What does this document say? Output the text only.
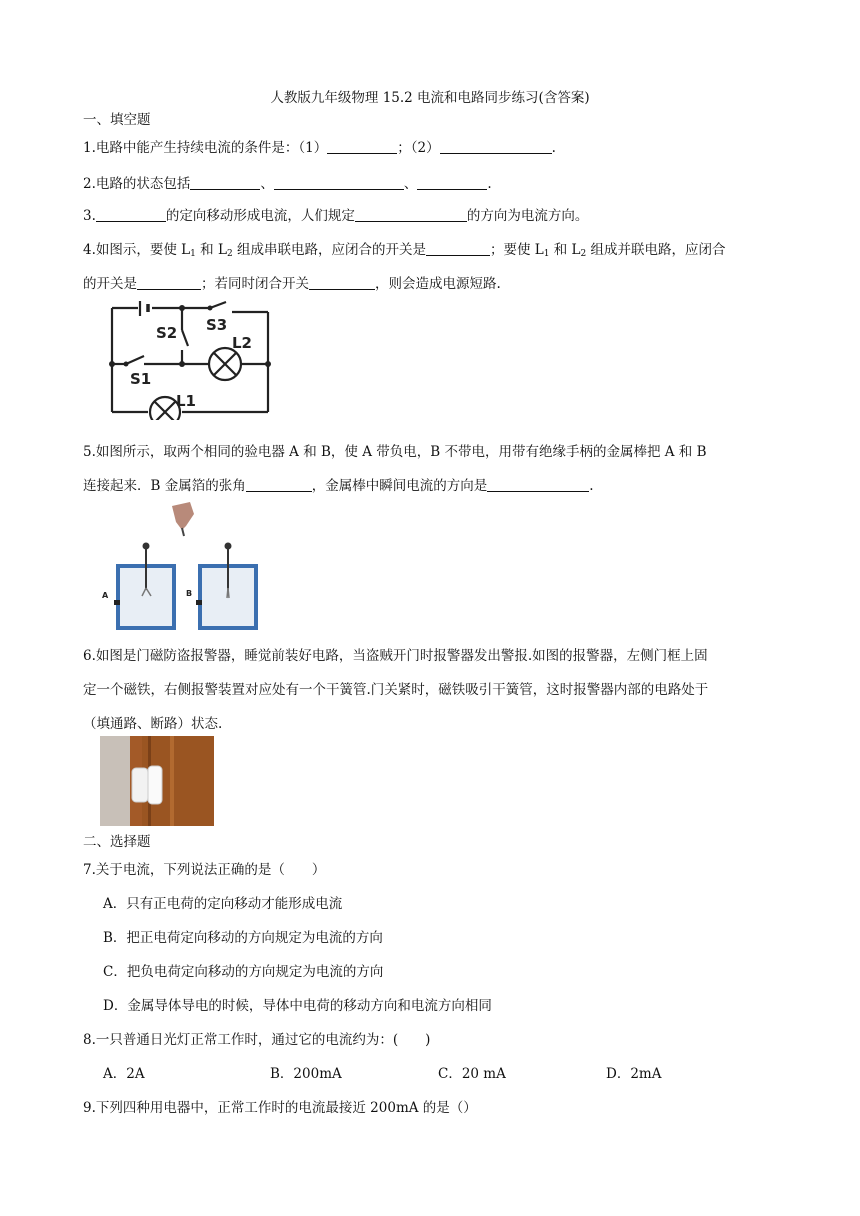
人教版九年级物理 15.2 电流和电路同步练习(含答案)
一、填空题
1.电路中能产生持续电流的条件是：（1）	；（2）	.
2.电路的状态包括	、	、	.
3.	的定向移动形成电流，人们规定	的方向为电流方向。
4.如图示，要使 $L_1$ 和 $L_2$ 组成串联电路，应闭合的开关是	；要使 $L_1$ 和 $L_2$ 组成并联电路，应闭合
的开关是	；若同时闭合开关	，则会造成电源短路.
S2 S3
S1
L2
L1
5.如图所示，取两个相同的验电器 A 和 B，使 A 带负电，B 不带电，用带有绝缘手柄的金属棒把 A 和 B
连接起来．B 金属箔的张角	，金属棒中瞬间电流的方向是	.
A	B
6.如图是门磁防盗报警器，睡觉前装好电路，当盗贼开门时报警器发出警报.如图的报警器，左侧门框上固
定一个磁铁，右侧报警装置对应处有一个干簧管.门关紧时，磁铁吸引干簧管，这时报警器内部的电路处于
（填通路、断路）状态.
二、选择题
7.关于电流，下列说法正确的是（　　）
A．只有正电荷的定向移动才能形成电流
B．把正电荷定向移动的方向规定为电流的方向
C．把负电荷定向移动的方向规定为电流的方向
D．金属导体导电的时候，导体中电荷的移动方向和电流方向相同
8.一只普通日光灯正常工作时，通过它的电流约为：(　　)
A．2A	B．200mA	C．20 mA	D．2mA
9.下列四种用电器中，正常工作时的电流最接近 200mA 的是（）
